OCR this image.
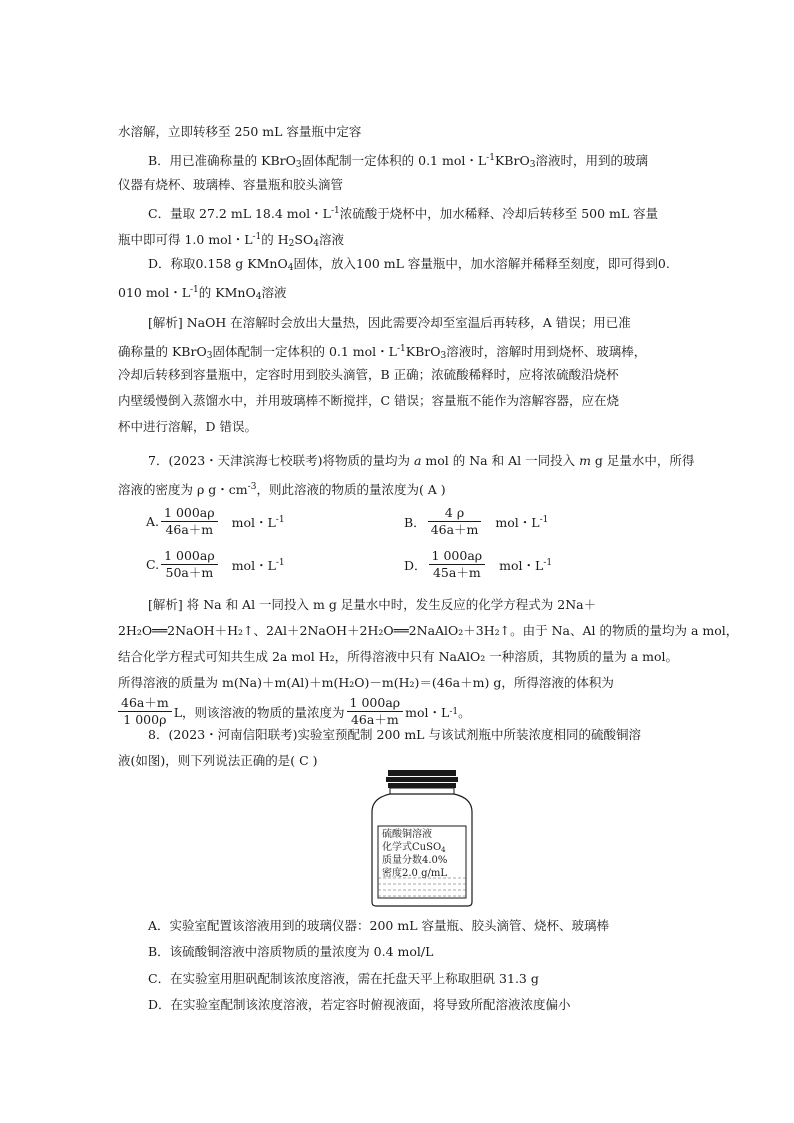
水溶解，立即转移至 250 mL 容量瓶中定容
B．用已准确称量的 KBrO$_3$固体配制一定体积的 0.1 mol・$L^{-1}KBrO_3$溶液时，用到的玻璃
仪器有烧杯、玻璃棒、容量瓶和胶头滴管
C．量取 27.2 mL 18.4 mol・$L^{-1}$浓硫酸于烧杯中，加水稀释、冷却后转移至 500 mL 容量
瓶中即可得 1.0 mol・$L^{-1}$的 $H_2SO_4$溶液
D．称取0.158 g KMnO$_4$固体，放入100 mL 容量瓶中，加水溶解并稀释至刻度，即可得到0.
010 mol・$L^{-1}$的 KMnO$_4$溶液
[解析] NaOH 在溶解时会放出大量热，因此需要冷却至室温后再转移，A 错误；用已准
确称量的 KBrO$_3$固体配制一定体积的 0.1 mol・$L^{-1}KBrO_3$溶液时，溶解时用到烧杯、玻璃棒，
冷却后转移到容量瓶中，定容时用到胶头滴管，B 正确；浓硫酸稀释时，应将浓硫酸沿烧杯
内壁缓慢倒入蒸馏水中，并用玻璃棒不断搅拌，C 错误；容量瓶不能作为溶解容器，应在烧
杯中进行溶解，D 错误。
7．(2023・天津滨海七校联考)将物质的量均为 a mol 的 Na 和 Al 一同投入 m g 足量水中，所得
溶液的密度为 ρ g・$cm^{-3}$，则此溶液的物质的量浓度为( A )
A. $\frac{1 000a\rho}{46a+m}$ mol・$L^{-1}$	B． $\frac{4 \rho}{46a+m}$ mol・$L^{-1}$
C. $\frac{1 000a\rho}{50a+m}$ mol・$L^{-1}$	D． $\frac{1 000a\rho}{45a+m}$ mol・$L^{-1}$
[解析] 将 Na 和 Al 一同投入 m g 足量水中时，发生反应的化学方程式为 2Na＋
2H₂O══2NaOH＋H₂↑、2Al＋2NaOH＋2H₂O══2NaAlO₂＋3H₂↑。由于 Na、Al 的物质的量均为 a mol，
结合化学方程式可知共生成 2a mol H₂，所得溶液中只有 NaAlO₂ 一种溶质，其物质的量为 a mol。
所得溶液的质量为 m(Na)＋m(Al)＋m(H₂O)－m(H₂)＝(46a＋m) g，所得溶液的体积为
$\frac{46a+m}{1 000\rho}$ L，则该溶液的物质的量浓度为 $\frac{1 000a\rho}{46a+m}$ mol・L -1 。
8．(2023・河南信阳联考)实验室预配制 200 mL 与该试剂瓶中所装浓度相同的硫酸铜溶
液(如图)，则下列说法正确的是( C )
硫酸铜溶液
化学式CuSO$_4$
质量分数4.0%
密度2.0 g/mL
A．实验室配置该溶液用到的玻璃仪器：200 mL 容量瓶、胶头滴管、烧杯、玻璃棒
B．该硫酸铜溶液中溶质物质的量浓度为 0.4 mol/L
C．在实验室用胆矾配制该浓度溶液，需在托盘天平上称取胆矾 31.3 g
D．在实验室配制该浓度溶液，若定容时俯视液面，将导致所配溶液浓度偏小
